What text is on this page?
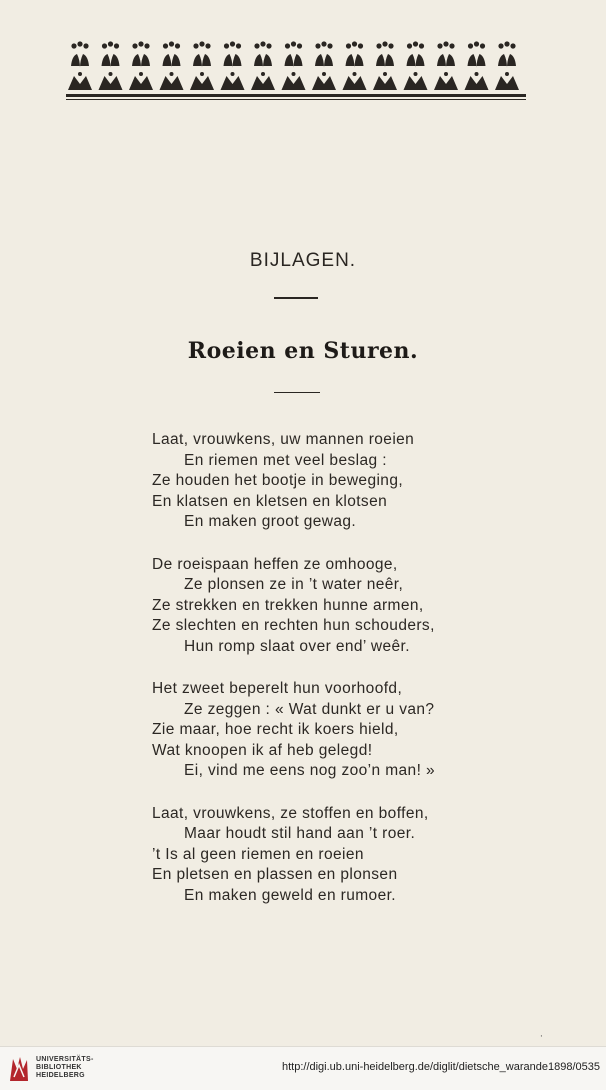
BIJLAGEN.
Roeien en Sturen.
Laat, vrouwkens, uw mannen roeien
En riemen met veel beslag :
Ze houden het bootje in beweging,
En klatsen en kletsen en klotsen
En maken groot gewag.
De roeispaan heffen ze omhooge,
Ze plonsen ze in ’t water neêr,
Ze strekken en trekken hunne armen,
Ze slechten en rechten hun schouders,
Hun romp slaat over end’ weêr.
Het zweet beperelt hun voorhoofd,
Ze zeggen : « Wat dunkt er u van?
Zie maar, hoe recht ik koers hield,
Wat knoopen ik af heb gelegd!
Ei, vind me eens nog zoo’n man! »
Laat, vrouwkens, ze stoffen en boffen,
Maar houdt stil hand aan ’t roer.
’t Is al geen riemen en roeien
En pletsen en plassen en plonsen
En maken geweld en rumoer.
·
UNIVERSITÄTS-
BIBLIOTHEK
HEIDELBERG
http://digi.ub.uni-heidelberg.de/diglit/dietsche_warande1898/0535
